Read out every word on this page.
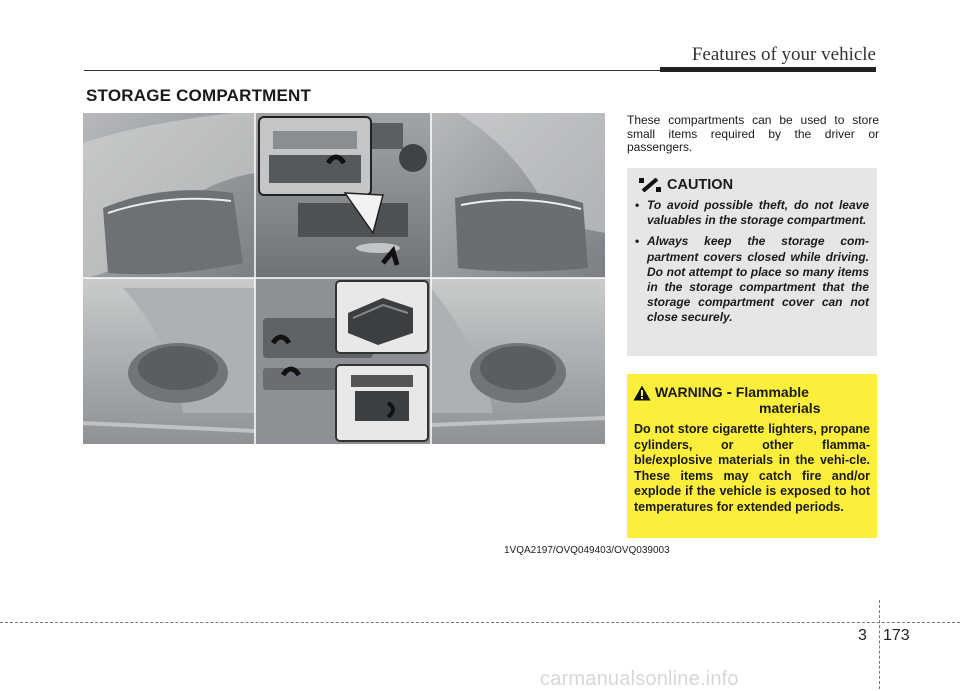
Features of your vehicle
STORAGE COMPARTMENT
1VQA2197/OVQ049403/OVQ039003
These compartments can be used to store small items required by the driver or passengers.
CAUTION
• To avoid possible theft, do not leave valuables in the storage compartment.
• Always keep the storage com-partment covers closed while driving. Do not attempt to place so many items in the storage compartment that the storage compartment cover can not close securely.
WARNING - Flammable
materials
Do not store cigarette lighters, propane cylinders, or other flamma-ble/explosive materials in the vehi-cle. These items may catch fire and/or explode if the vehicle is exposed to hot temperatures for extended periods.
3 173
carmanualsonline.info
